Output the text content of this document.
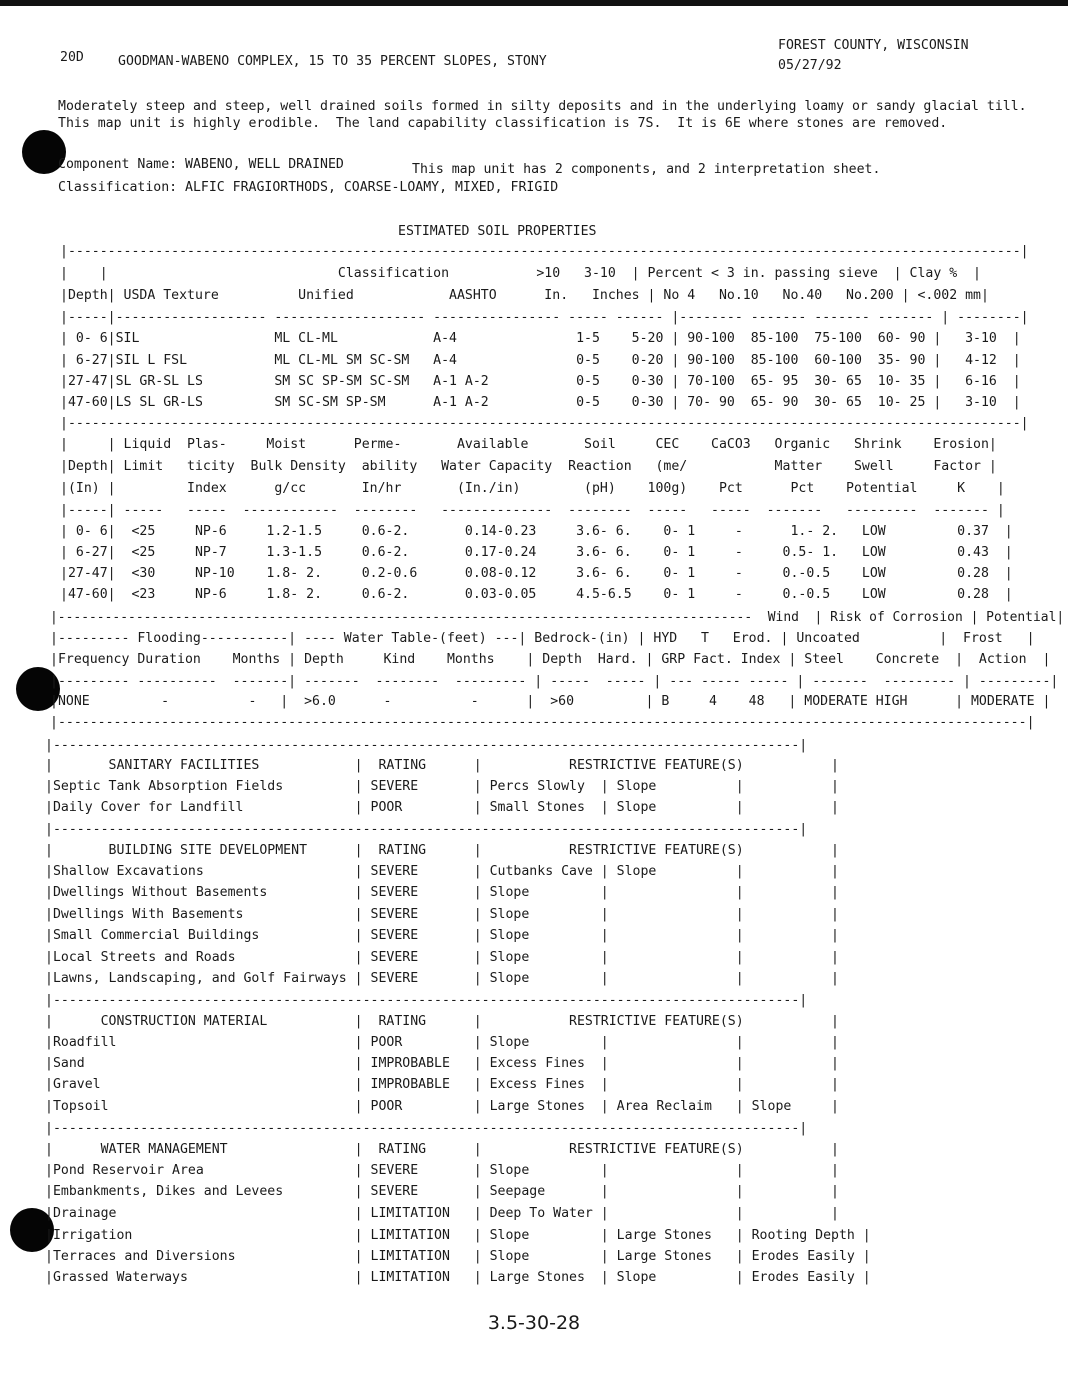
20D	GOODMAN-WABENO COMPLEX, 15 TO 35 PERCENT SLOPES, STONY
FOREST COUNTY, WISCONSIN
05/27/92
Moderately steep and steep, well drained soils formed in silty deposits and in the underlying loamy or sandy glacial till.
This map unit is highly erodible.  The land capability classification is 7S.  It is 6E where stones are removed.
Component Name: WABENO, WELL DRAINED	This map unit has 2 components, and 2 interpretation sheet.
Classification: ALFIC FRAGIORTHODS, COARSE-LOAMY, MIXED, FRIGID
ESTIMATED SOIL PROPERTIES
|------------------------------------------------------------------------------------------------------------------------|
|    |                             Classification           >10   3-10  | Percent < 3 in. passing sieve  | Clay %  |
|Depth| USDA Texture          Unified            AASHTO      In.   Inches | No 4   No.10   No.40   No.200 | <.002 mm|
|-----|------------------- ------------------- ---------------- ----- ------ |-------- ------- ------- ------- | --------|
| 0- 6|SIL                 ML CL-ML            A-4               1-5    5-20 | 90-100  85-100  75-100  60- 90 |   3-10  |
| 6-27|SIL L FSL           ML CL-ML SM SC-SM   A-4               0-5    0-20 | 90-100  85-100  60-100  35- 90 |   4-12  |
|27-47|SL GR-SL LS         SM SC SP-SM SC-SM   A-1 A-2           0-5    0-30 | 70-100  65- 95  30- 65  10- 35 |   6-16  |
|47-60|LS SL GR-LS         SM SC-SM SP-SM      A-1 A-2           0-5    0-30 | 70- 90  65- 90  30- 65  10- 25 |   3-10  |
|------------------------------------------------------------------------------------------------------------------------|
|     | Liquid  Plas-     Moist      Perme-       Available       Soil     CEC    CaCO3   Organic   Shrink    Erosion|
|Depth| Limit   ticity  Bulk Density  ability   Water Capacity  Reaction   (me/           Matter    Swell     Factor |
|(In) |         Index      g/cc       In/hr       (In./in)        (pH)    100g)    Pct      Pct    Potential     K    |
|-----| -----   -----  ------------  --------   --------------  --------  -----   -----  -------   ---------  ------- |
| 0- 6|  <25     NP-6     1.2-1.5     0.6-2.       0.14-0.23     3.6- 6.    0- 1     -      1.- 2.   LOW         0.37  |
| 6-27|  <25     NP-7     1.3-1.5     0.6-2.       0.17-0.24     3.6- 6.    0- 1     -     0.5- 1.   LOW         0.43  |
|27-47|  <30     NP-10    1.8- 2.     0.2-0.6      0.08-0.12     3.6- 6.    0- 1     -     0.-0.5    LOW         0.28  |
|47-60|  <23     NP-6     1.8- 2.     0.6-2.       0.03-0.05     4.5-6.5    0- 1     -     0.-0.5    LOW         0.28  |
|-----------------------------------------------------------------------------------------  Wind  | Risk of Corrosion | Potential|
|--------- Flooding-----------| ---- Water Table-(feet) ---| Bedrock-(in) | HYD   T   Erod. | Uncoated          |  Frost   |
|Frequency Duration    Months | Depth     Kind    Months    | Depth  Hard. | GRP Fact. Index | Steel    Concrete  |  Action  |
|--------- ----------  -------| -------  --------  --------- | -----  ----- | --- ----- ----- | -------  --------- | ---------|
|NONE         -          -   |  >6.0      -          -      |  >60         | B     4    48   | MODERATE HIGH      | MODERATE |
|--------------------------------------------------------------------------------------------------------------------------|
|----------------------------------------------------------------------------------------------|
|       SANITARY FACILITIES            |  RATING      |           RESTRICTIVE FEATURE(S)           |
|Septic Tank Absorption Fields         | SEVERE       | Percs Slowly  | Slope          |           |
|Daily Cover for Landfill              | POOR         | Small Stones  | Slope          |           |
|----------------------------------------------------------------------------------------------|
|       BUILDING SITE DEVELOPMENT      |  RATING      |           RESTRICTIVE FEATURE(S)           |
|Shallow Excavations                   | SEVERE       | Cutbanks Cave | Slope          |           |
|Dwellings Without Basements           | SEVERE       | Slope         |                |           |
|Dwellings With Basements              | SEVERE       | Slope         |                |           |
|Small Commercial Buildings            | SEVERE       | Slope         |                |           |
|Local Streets and Roads               | SEVERE       | Slope         |                |           |
|Lawns, Landscaping, and Golf Fairways | SEVERE       | Slope         |                |           |
|----------------------------------------------------------------------------------------------|
|      CONSTRUCTION MATERIAL           |  RATING      |           RESTRICTIVE FEATURE(S)           |
|Roadfill                              | POOR         | Slope         |                |           |
|Sand                                  | IMPROBABLE   | Excess Fines  |                |           |
|Gravel                                | IMPROBABLE   | Excess Fines  |                |           |
|Topsoil                               | POOR         | Large Stones  | Area Reclaim   | Slope     |
|----------------------------------------------------------------------------------------------|
|      WATER MANAGEMENT                |  RATING      |           RESTRICTIVE FEATURE(S)           |
|Pond Reservoir Area                   | SEVERE       | Slope         |                |           |
|Embankments, Dikes and Levees         | SEVERE       | Seepage       |                |           |
|Drainage                              | LIMITATION   | Deep To Water |                |           |
|Irrigation                            | LIMITATION   | Slope         | Large Stones   | Rooting Depth |
|Terraces and Diversions               | LIMITATION   | Slope         | Large Stones   | Erodes Easily |
|Grassed Waterways                     | LIMITATION   | Large Stones  | Slope          | Erodes Easily |
3.5-30-28
